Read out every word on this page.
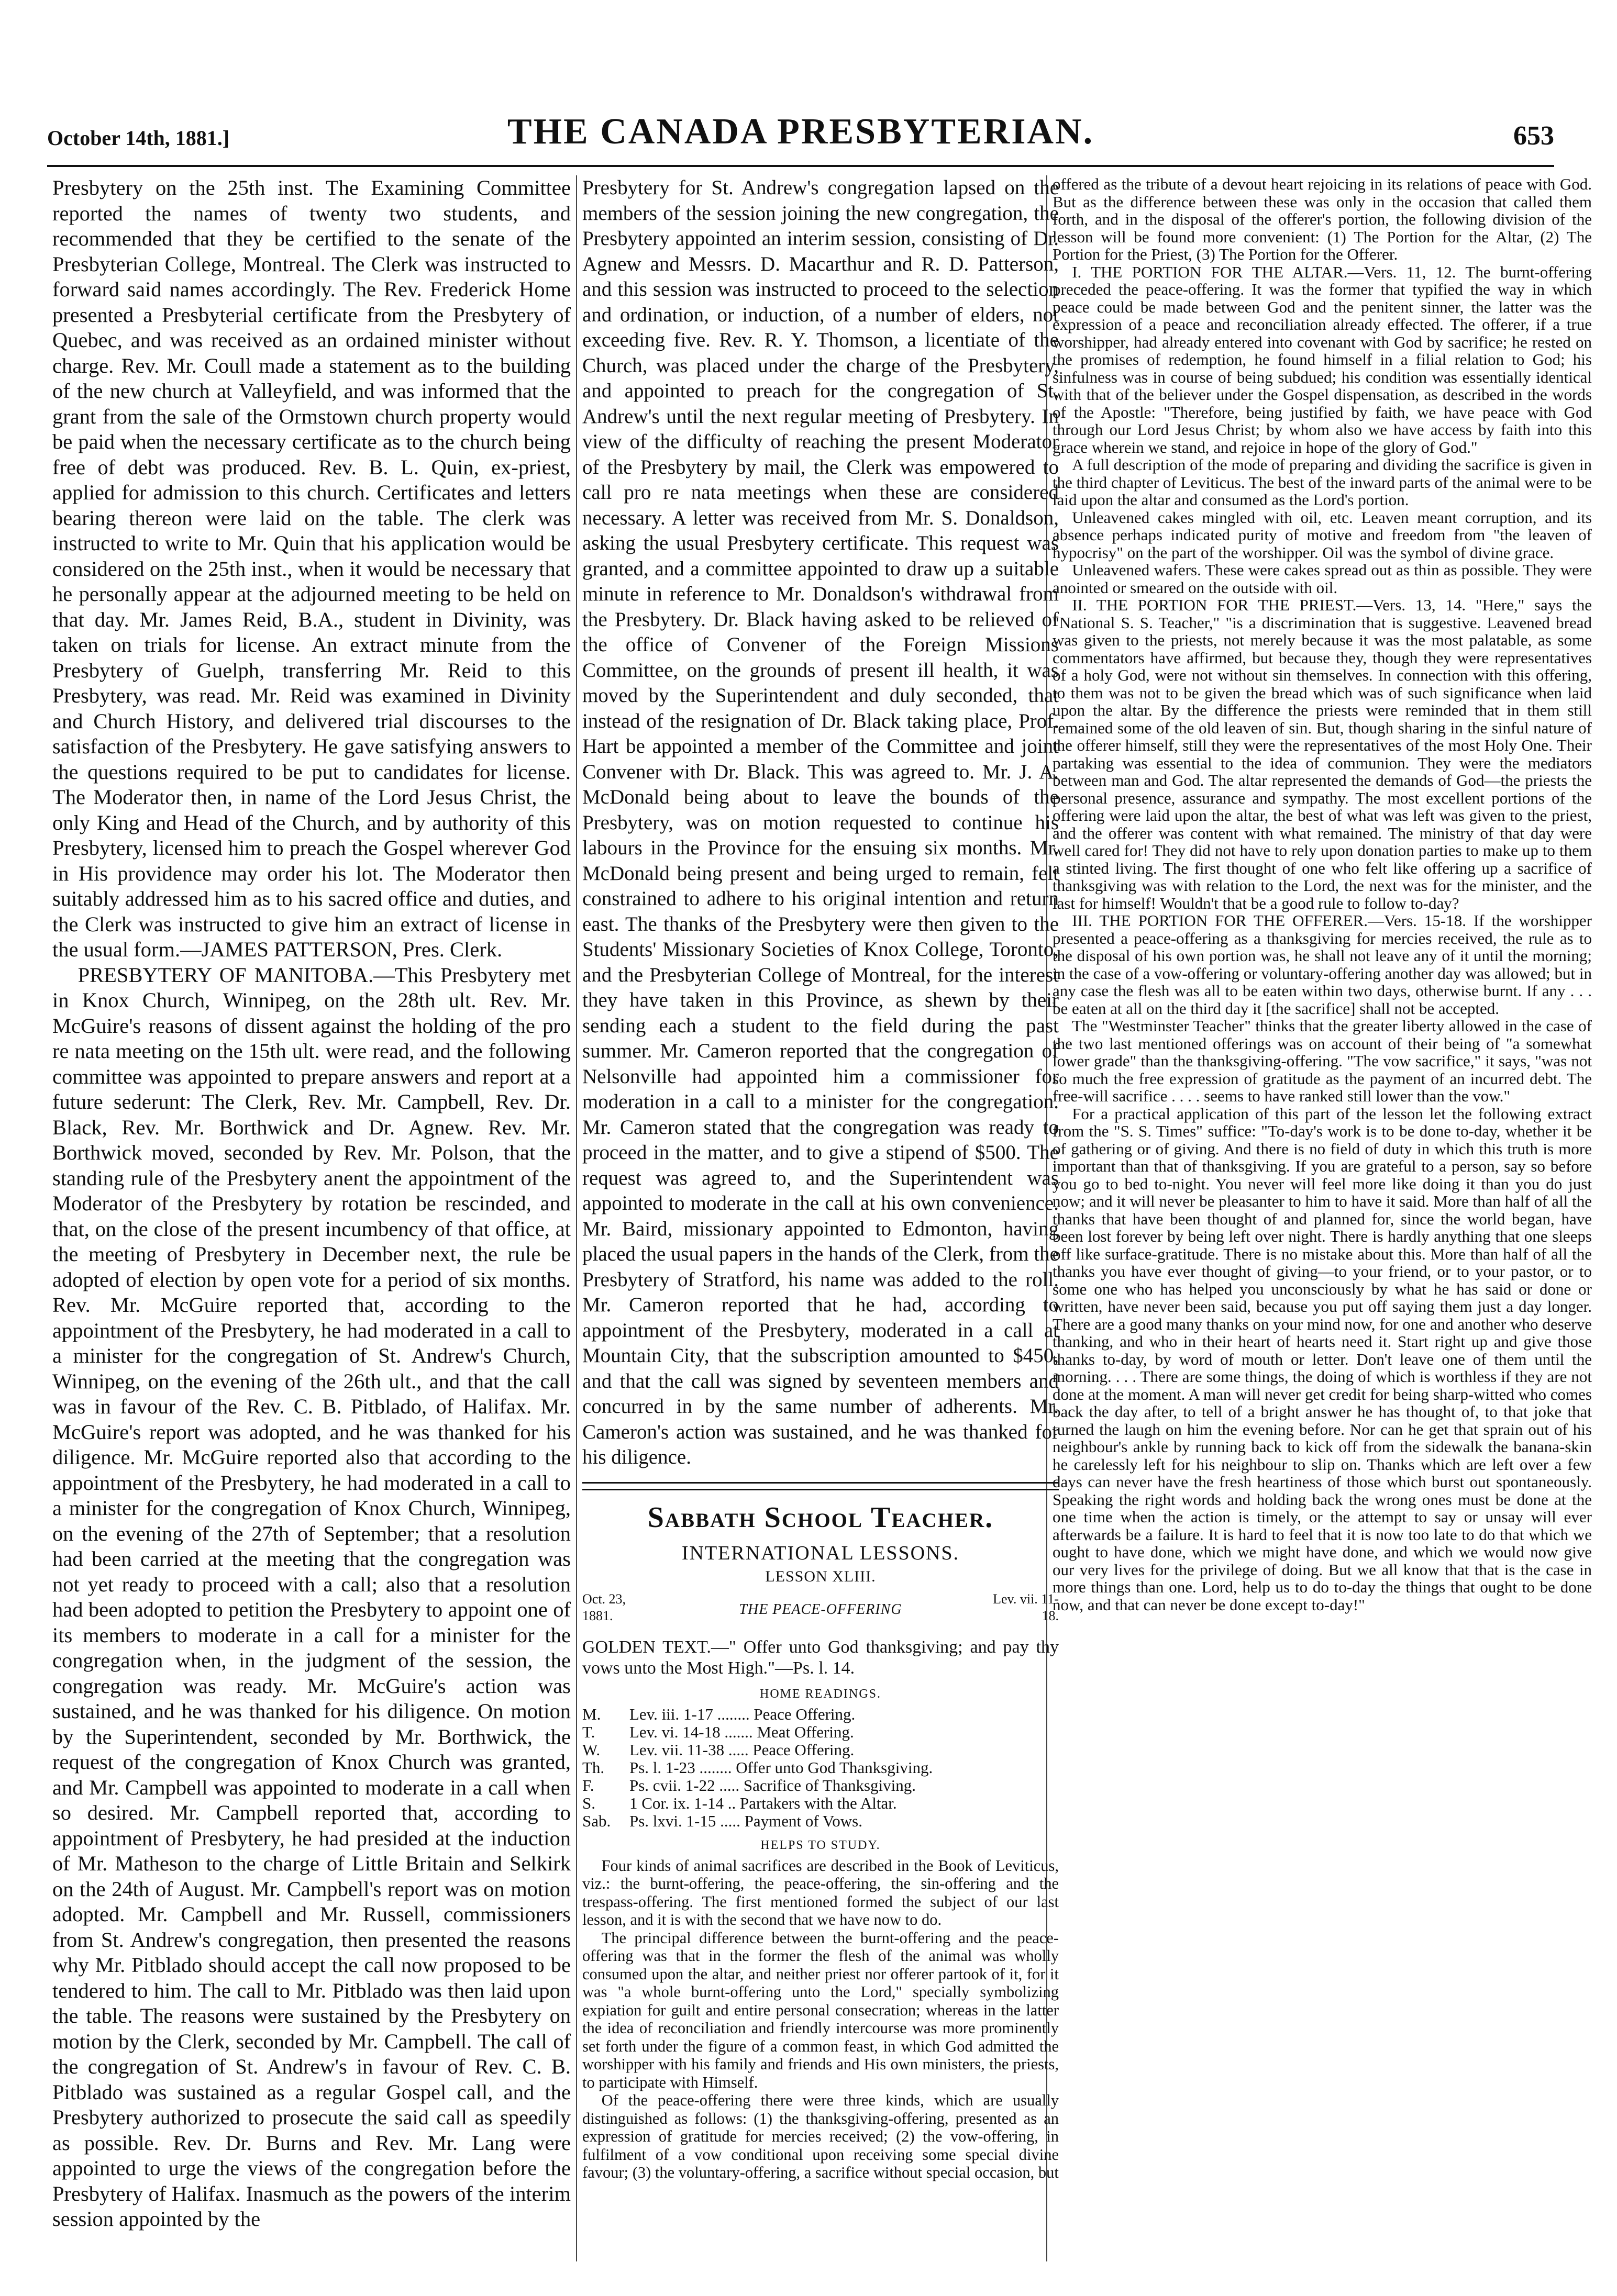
October 14th, 1881.]	THE CANADA PRESBYTERIAN.	653

Presbytery on the 25th inst. The Examining Committee reported the names of twenty two students, and recommended that they be certified to the senate of the Presbyterian College, Montreal. The Clerk was instructed to forward said names accordingly. The Rev. Frederick Home presented a Presbyterial certificate from the Presbytery of Quebec, and was received as an ordained minister without charge. Rev. Mr. Coull made a statement as to the building of the new church at Valleyfield, and was informed that the grant from the sale of the Ormstown church property would be paid when the necessary certificate as to the church being free of debt was produced. Rev. B. L. Quin, ex-priest, applied for admission to this church. Certificates and letters bearing thereon were laid on the table. The clerk was instructed to write to Mr. Quin that his application would be considered on the 25th inst., when it would be necessary that he personally appear at the adjourned meeting to be held on that day. Mr. James Reid, B.A., student in Divinity, was taken on trials for license. An extract minute from the Presbytery of Guelph, transferring Mr. Reid to this Presbytery, was read. Mr. Reid was examined in Divinity and Church History, and delivered trial discourses to the satisfaction of the Presbytery. He gave satisfying answers to the questions required to be put to candidates for license. The Moderator then, in name of the Lord Jesus Christ, the only King and Head of the Church, and by authority of this Presbytery, licensed him to preach the Gospel wherever God in His providence may order his lot. The Moderator then suitably addressed him as to his sacred office and duties, and the Clerk was instructed to give him an extract of license in the usual form.—JAMES PATTERSON, Pres. Clerk.

PRESBYTERY OF MANITOBA.—This Presbytery met in Knox Church, Winnipeg, on the 28th ult. Rev. Mr. McGuire's reasons of dissent against the holding of the pro re nata meeting on the 15th ult. were read, and the following committee was appointed to prepare answers and report at a future sederunt: The Clerk, Rev. Mr. Campbell, Rev. Dr. Black, Rev. Mr. Borthwick and Dr. Agnew. Rev. Mr. Borthwick moved, seconded by Rev. Mr. Polson, that the standing rule of the Presbytery anent the appointment of the Moderator of the Presbytery by rotation be rescinded, and that, on the close of the present incumbency of that office, at the meeting of Presbytery in December next, the rule be adopted of election by open vote for a period of six months. Rev. Mr. McGuire reported that, according to the appointment of the Presbytery, he had moderated in a call to a minister for the congregation of St. Andrew's Church, Winnipeg, on the evening of the 26th ult., and that the call was in favour of the Rev. C. B. Pitblado, of Halifax. Mr. McGuire's report was adopted, and he was thanked for his diligence. Mr. McGuire reported also that according to the appointment of the Presbytery, he had moderated in a call to a minister for the congregation of Knox Church, Winnipeg, on the evening of the 27th of September; that a resolution had been carried at the meeting that the congregation was not yet ready to proceed with a call; also that a resolution had been adopted to petition the Presbytery to appoint one of its members to moderate in a call for a minister for the congregation when, in the judgment of the session, the congregation was ready. Mr. McGuire's action was sustained, and he was thanked for his diligence. On motion by the Superintendent, seconded by Mr. Borthwick, the request of the congregation of Knox Church was granted, and Mr. Campbell was appointed to moderate in a call when so desired. Mr. Campbell reported that, according to appointment of Presbytery, he had presided at the induction of Mr. Matheson to the charge of Little Britain and Selkirk on the 24th of August. Mr. Campbell's report was on motion adopted. Mr. Campbell and Mr. Russell, commissioners from St. Andrew's congregation, then presented the reasons why Mr. Pitblado should accept the call now proposed to be tendered to him. The call to Mr. Pitblado was then laid upon the table. The reasons were sustained by the Presbytery on motion by the Clerk, seconded by Mr. Campbell. The call of the congregation of St. Andrew's in favour of Rev. C. B. Pitblado was sustained as a regular Gospel call, and the Presbytery authorized to prosecute the said call as speedily as possible. Rev. Dr. Burns and Rev. Mr. Lang were appointed to urge the views of the congregation before the Presbytery of Halifax. Inasmuch as the powers of the interim session appointed by the

Presbytery for St. Andrew's congregation lapsed on the members of the session joining the new congregation, the Presbytery appointed an interim session, consisting of Dr. Agnew and Messrs. D. Macarthur and R. D. Patterson, and this session was instructed to proceed to the selection and ordination, or induction, of a number of elders, not exceeding five. Rev. R. Y. Thomson, a licentiate of the Church, was placed under the charge of the Presbytery, and appointed to preach for the congregation of St. Andrew's until the next regular meeting of Presbytery. In view of the difficulty of reaching the present Moderator of the Presbytery by mail, the Clerk was empowered to call pro re nata meetings when these are considered necessary. A letter was received from Mr. S. Donaldson, asking the usual Presbytery certificate. This request was granted, and a committee appointed to draw up a suitable minute in reference to Mr. Donaldson's withdrawal from the Presbytery. Dr. Black having asked to be relieved of the office of Convener of the Foreign Missions Committee, on the grounds of present ill health, it was moved by the Superintendent and duly seconded, that instead of the resignation of Dr. Black taking place, Prof. Hart be appointed a member of the Committee and joint Convener with Dr. Black. This was agreed to. Mr. J. A. McDonald being about to leave the bounds of the Presbytery, was on motion requested to continue his labours in the Province for the ensuing six months. Mr. McDonald being present and being urged to remain, felt constrained to adhere to his original intention and return east. The thanks of the Presbytery were then given to the Students' Missionary Societies of Knox College, Toronto, and the Presbyterian College of Montreal, for the interest they have taken in this Province, as shewn by their sending each a student to the field during the past summer. Mr. Cameron reported that the congregation of Nelsonville had appointed him a commissioner for moderation in a call to a minister for the congregation. Mr. Cameron stated that the congregation was ready to proceed in the matter, and to give a stipend of $500. The request was agreed to, and the Superintendent was appointed to moderate in the call at his own convenience. Mr. Baird, missionary appointed to Edmonton, having placed the usual papers in the hands of the Clerk, from the Presbytery of Stratford, his name was added to the roll. Mr. Cameron reported that he had, according to appointment of the Presbytery, moderated in a call at Mountain City, that the subscription amounted to $450, and that the call was signed by seventeen members and concurred in by the same number of adherents. Mr. Cameron's action was sustained, and he was thanked for his diligence.

Sabbath School Teacher.
INTERNATIONAL LESSONS.
LESSON XLIII.
Oct. 23, 1881.	THE PEACE-OFFERING
Lev. vii. 11-18.
GOLDEN TEXT.—" Offer unto God thanksgiving; and pay thy vows unto the Most High."—Ps. l. 14.
HOME READINGS.
M.	Lev. iii. 1-17 ........ Peace Offering.
T.	Lev. vi. 14-18 ....... Meat Offering.
W.	Lev. vii. 11-38 ..... Peace Offering.
Th.	Ps. l. 1-23 ........ Offer unto God Thanksgiving.
F.	Ps. cvii. 1-22 ..... Sacrifice of Thanksgiving.
S.	1 Cor. ix. 1-14 .. Partakers with the Altar.
Sab.	Ps. lxvi. 1-15 ..... Payment of Vows.
HELPS TO STUDY.

Four kinds of animal sacrifices are described in the Book of Leviticus, viz.: the burnt-offering, the peace-offering, the sin-offering and the trespass-offering. The first mentioned formed the subject of our last lesson, and it is with the second that we have now to do.

The principal difference between the burnt-offering and the peace-offering was that in the former the flesh of the animal was wholly consumed upon the altar, and neither priest nor offerer partook of it, for it was "a whole burnt-offering unto the Lord," specially symbolizing expiation for guilt and entire personal consecration; whereas in the latter the idea of reconciliation and friendly intercourse was more prominently set forth under the figure of a common feast, in which God admitted the worshipper with his family and friends and His own ministers, the priests, to participate with Himself.

Of the peace-offering there were three kinds, which are usually distinguished as follows: (1) the thanksgiving-offering, presented as an expression of gratitude for mercies received; (2) the vow-offering, in fulfilment of a vow conditional upon receiving some special divine favour; (3) the voluntary-offering, a sacrifice without special occasion, but

offered as the tribute of a devout heart rejoicing in its relations of peace with God. But as the difference between these was only in the occasion that called them forth, and in the disposal of the offerer's portion, the following division of the lesson will be found more convenient: (1) The Portion for the Altar, (2) The Portion for the Priest, (3) The Portion for the Offerer.

I. THE PORTION FOR THE ALTAR.—Vers. 11, 12. The burnt-offering preceded the peace-offering. It was the former that typified the way in which peace could be made between God and the penitent sinner, the latter was the expression of a peace and reconciliation already effected. The offerer, if a true worshipper, had already entered into covenant with God by sacrifice; he rested on the promises of redemption, he found himself in a filial relation to God; his sinfulness was in course of being subdued; his condition was essentially identical with that of the believer under the Gospel dispensation, as described in the words of the Apostle: "Therefore, being justified by faith, we have peace with God through our Lord Jesus Christ; by whom also we have access by faith into this grace wherein we stand, and rejoice in hope of the glory of God."

A full description of the mode of preparing and dividing the sacrifice is given in the third chapter of Leviticus. The best of the inward parts of the animal were to be laid upon the altar and consumed as the Lord's portion.

Unleavened cakes mingled with oil, etc. Leaven meant corruption, and its absence perhaps indicated purity of motive and freedom from "the leaven of hypocrisy" on the part of the worshipper. Oil was the symbol of divine grace.

Unleavened wafers. These were cakes spread out as thin as possible. They were anointed or smeared on the outside with oil.

II. THE PORTION FOR THE PRIEST.—Vers. 13, 14. "Here," says the "National S. S. Teacher," "is a discrimination that is suggestive. Leavened bread was given to the priests, not merely because it was the most palatable, as some commentators have affirmed, but because they, though they were representatives of a holy God, were not without sin themselves. In connection with this offering, to them was not to be given the bread which was of such significance when laid upon the altar. By the difference the priests were reminded that in them still remained some of the old leaven of sin. But, though sharing in the sinful nature of the offerer himself, still they were the representatives of the most Holy One. Their partaking was essential to the idea of communion. They were the mediators between man and God. The altar represented the demands of God—the priests the personal presence, assurance and sympathy. The most excellent portions of the offering were laid upon the altar, the best of what was left was given to the priest, and the offerer was content with what remained. The ministry of that day were well cared for! They did not have to rely upon donation parties to make up to them a stinted living. The first thought of one who felt like offering up a sacrifice of thanksgiving was with relation to the Lord, the next was for the minister, and the last for himself! Wouldn't that be a good rule to follow to-day?

III. THE PORTION FOR THE OFFERER.—Vers. 15-18. If the worshipper presented a peace-offering as a thanksgiving for mercies received, the rule as to the disposal of his own portion was, he shall not leave any of it until the morning; in the case of a vow-offering or voluntary-offering another day was allowed; but in any case the flesh was all to be eaten within two days, otherwise burnt. If any . . . be eaten at all on the third day it [the sacrifice] shall not be accepted.

The "Westminster Teacher" thinks that the greater liberty allowed in the case of the two last mentioned offerings was on account of their being of "a somewhat lower grade" than the thanksgiving-offering. "The vow sacrifice," it says, "was not so much the free expression of gratitude as the payment of an incurred debt. The free-will sacrifice . . . . seems to have ranked still lower than the vow."

For a practical application of this part of the lesson let the following extract from the "S. S. Times" suffice: "To-day's work is to be done to-day, whether it be of gathering or of giving. And there is no field of duty in which this truth is more important than that of thanksgiving. If you are grateful to a person, say so before you go to bed to-night. You never will feel more like doing it than you do just now; and it will never be pleasanter to him to have it said. More than half of all the thanks that have been thought of and planned for, since the world began, have been lost forever by being left over night. There is hardly anything that one sleeps off like surface-gratitude. There is no mistake about this. More than half of all the thanks you have ever thought of giving—to your friend, or to your pastor, or to some one who has helped you unconsciously by what he has said or done or written, have never been said, because you put off saying them just a day longer. There are a good many thanks on your mind now, for one and another who deserve thanking, and who in their heart of hearts need it. Start right up and give those thanks to-day, by word of mouth or letter. Don't leave one of them until the morning. . . . There are some things, the doing of which is worthless if they are not done at the moment. A man will never get credit for being sharp-witted who comes back the day after, to tell of a bright answer he has thought of, to that joke that turned the laugh on him the evening before. Nor can he get that sprain out of his neighbour's ankle by running back to kick off from the sidewalk the banana-skin he carelessly left for his neighbour to slip on. Thanks which are left over a few days can never have the fresh heartiness of those which burst out spontaneously. Speaking the right words and holding back the wrong ones must be done at the one time when the action is timely, or the attempt to say or unsay will ever afterwards be a failure. It is hard to feel that it is now too late to do that which we ought to have done, which we might have done, and which we would now give our very lives for the privilege of doing. But we all know that that is the case in more things than one. Lord, help us to do to-day the things that ought to be done now, and that can never be done except to-day!"
